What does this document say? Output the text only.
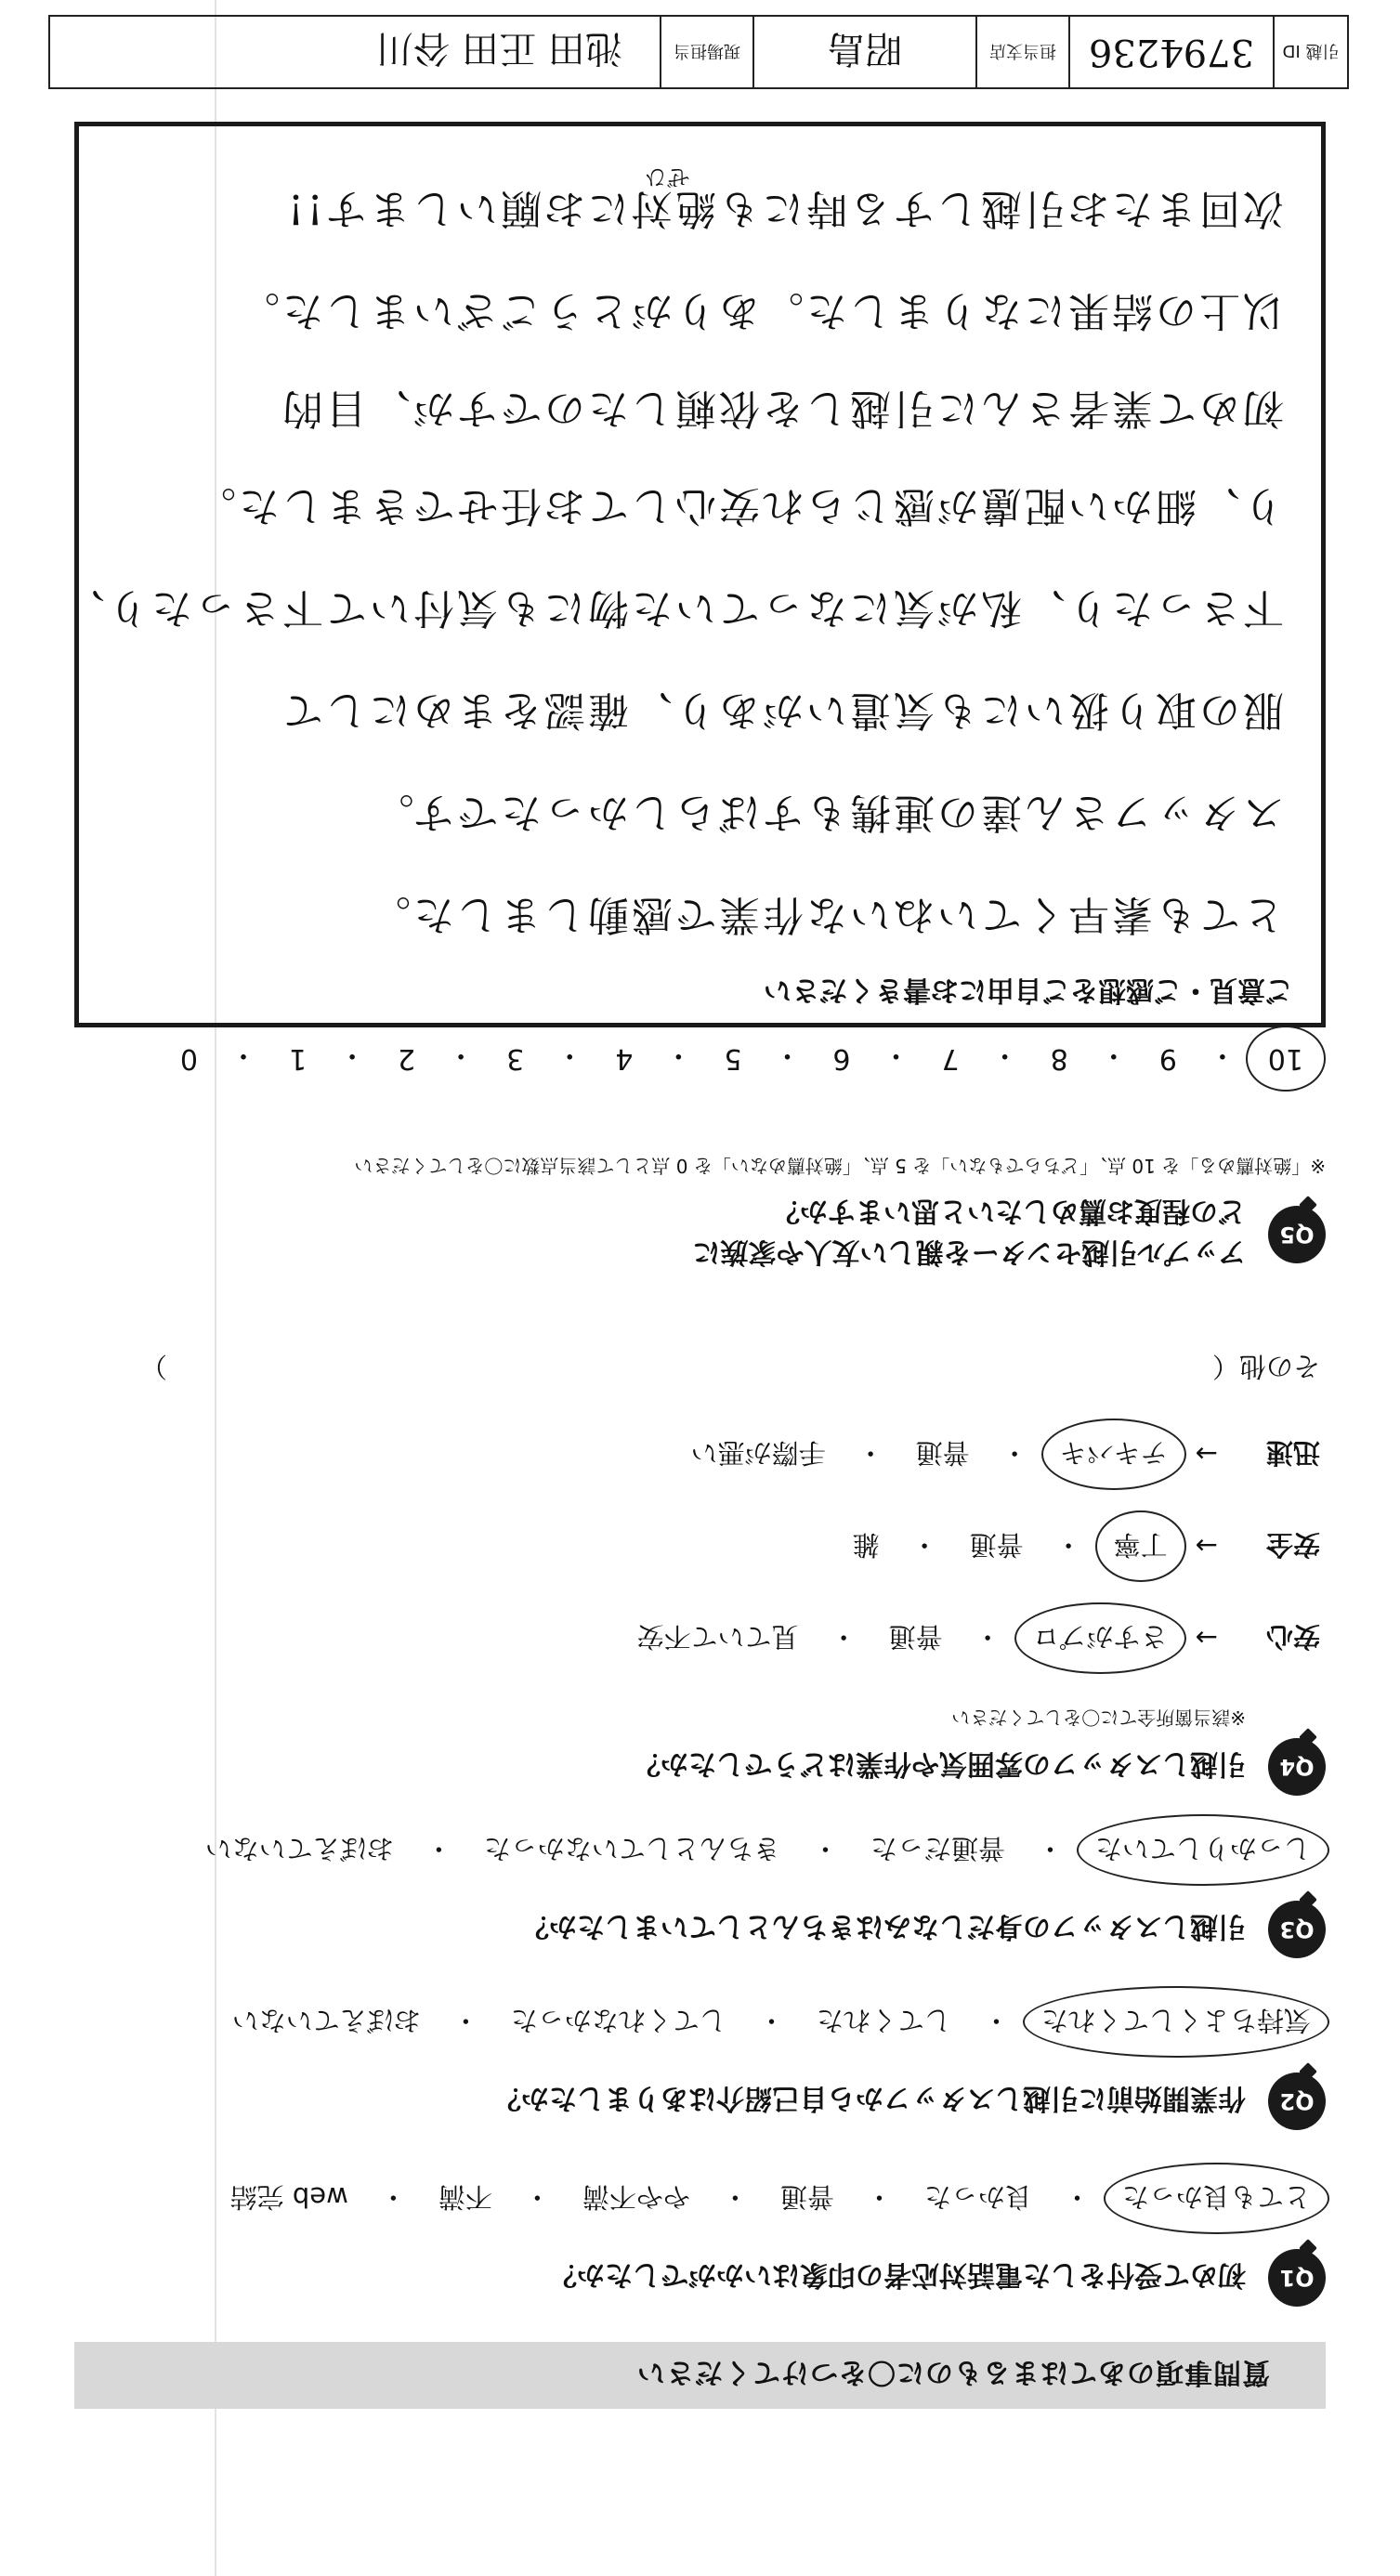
質問事項のあてはまるものに〇をつけてください
Q1
初めて受付をした電話対応者の印象はいかがでしたか？
とても良かった
・
良かった
・
普通
・
やや不満
・
不満
・
web 完結
Q2
作業開始前に引越しスタッフから自己紹介はありましたか？
気持ちよくしてくれた
・
してくれた
・
してくれなかった
・
おぼえていない
Q3
引越しスタッフの身だしなみはきちんとしていましたか？
しっかりしていた
・
普通だった
・
きちんとしていなかった
・
おぼえていない
Q4
引越しスタッフの雰囲気や作業はどうでしたか？
※該当箇所全てに〇をしてください
安心
→
さすがプロ
・
普通
・
見ていて不安
安全
→
丁寧
・
普通
・
雑
迅速
→
テキパキ
・
普通
・
手際が悪い
その他（
）
Q5
アップル引越センターを親しい友人や家族に
どの程度お薦めしたいと思いますか？
※「絶対薦める」を 10 点、「どちらでもない」を 5 点、「絶対薦めない」を 0 点として該当点数に〇をしてください
10
・
9
・
8
・
7
・
6
・
5
・
4
・
3
・
2
・
1
・
0
ご意見・ご感想をご自由にお書きください
とても素早くていねいな作業で感動しました。
スタッフさん達の連携もすばらしかったです。
服の取り扱いにも気遣いがあり、確認をまめにして
下さったり、私が気になっていた物にも気付いて下さったり、
り、細かい配慮が感じられ安心してお任せできました。
初めて業者さんに引越しを依頼したのですが、目的
以上の結果になりました。ありがとうございました。
次回またお引越しする時にも絶対にお願いします!!
ぜひ
引越 ID
3794236
担当支店
昭島
現場担当
池田 正田 谷川
